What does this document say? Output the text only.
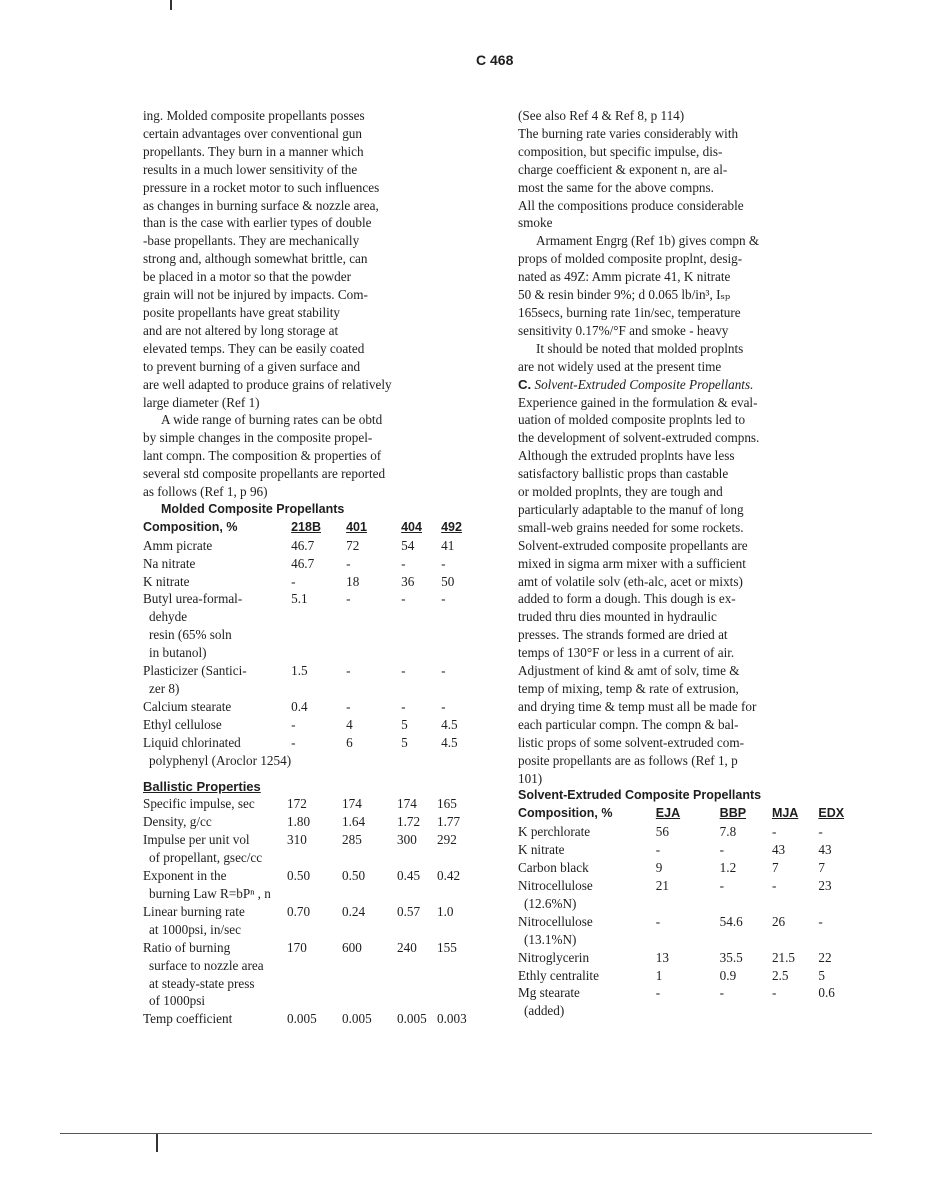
C 468

ing. Molded composite propellants posses

certain advantages over conventional gun

propellants. They burn in a manner which

results in a much lower sensitivity of the

pressure in a rocket motor to such influences

as changes in burning surface & nozzle area,

than is the case with earlier types of double

-base propellants. They are mechanically

strong and, although somewhat brittle, can

be placed in a motor so that the powder

grain will not be injured by impacts. Com-

posite propellants have great stability

and are not altered by long storage at

elevated temps. They can be easily coated

to prevent burning of a given surface and

are well adapted to produce grains of relatively

large diameter (Ref 1)

A wide range of burning rates can be obtd

by simple changes in the composite propel-

lant compn. The composition & properties of

several std composite propellants are reported

as follows (Ref 1, p 96)

Molded Composite Propellants
Composition, %	218B	401	404	492
Amm picrate	46.7	72	54	41
Na nitrate	46.7	-	-	-
K nitrate	-	18	36	50
Butyl urea-formal-	5.1	-	-	-
dehyde				
resin (65% soln				
in butanol)				
Plasticizer (Santici-	1.5	-	-	-
zer 8)				
Calcium stearate	0.4	-	-	-
Ethyl cellulose	-	4	5	4.5
Liquid chlorinated	-	6	5	4.5
polyphenyl (Aroclor 1254)				
Ballistic Properties
Specific impulse, sec	172	174	174	165
Density, g/cc	1.80	1.64	1.72	1.77
Impulse per unit vol	310	285	300	292
of propellant, gsec/cc				
Exponent in the	0.50	0.50	0.45	0.42
burning Law R=bPⁿ , n				
Linear burning rate	0.70	0.24	0.57	1.0
at 1000psi, in/sec				
Ratio of burning	170	600	240	155
surface to nozzle area				
at steady-state press				
of 1000psi				
Temp coefficient	0.005	0.005	0.005	0.003

(See also Ref 4 & Ref 8, p 114)

The burning rate varies considerably with

composition, but specific impulse, dis-

charge coefficient & exponent n, are al-

most the same for the above compns.

All the compositions produce considerable

smoke

Armament Engrg (Ref 1b) gives compn &

props of molded composite proplnt, desig-

nated as 49Z: Amm picrate 41, K nitrate

50 & resin binder 9%; d 0.065 lb/in³, Iₛₚ

165secs, burning rate 1in/sec, temperature

sensitivity 0.17%/°F and smoke - heavy

It should be noted that molded proplnts

are not widely used at the present time

C. Solvent-Extruded Composite Propellants.

Experience gained in the formulation & eval-

uation of molded composite proplnts led to

the development of solvent-extruded compns.

Although the extruded proplnts have less

satisfactory ballistic props than castable

or molded proplnts, they are tough and

particularly adaptable to the manuf of long

small-web grains needed for some rockets.

Solvent-extruded composite propellants are

mixed in sigma arm mixer with a sufficient

amt of volatile solv (eth-alc, acet or mixts)

added to form a dough. This dough is ex-

truded thru dies mounted in hydraulic

presses. The strands formed are dried at

temps of 130°F or less in a current of air.

Adjustment of kind & amt of solv, time &

temp of mixing, temp & rate of extrusion,

and drying time & temp must all be made for

each particular compn. The compn & bal-

listic props of some solvent-extruded com-

posite propellants are as follows (Ref 1, p

101)

Solvent-Extruded Composite Propellants
Composition, %	EJA	BBP	MJA	EDX
K perchlorate	56	7.8	-	-
K nitrate	-	-	43	43
Carbon black	9	1.2	7	7
Nitrocellulose	21	-	-	23
(12.6%N)				
Nitrocellulose	-	54.6	26	-
(13.1%N)				
Nitroglycerin	13	35.5	21.5	22
Ethly centralite	1	0.9	2.5	5
Mg stearate	-	-	-	0.6
(added)				
